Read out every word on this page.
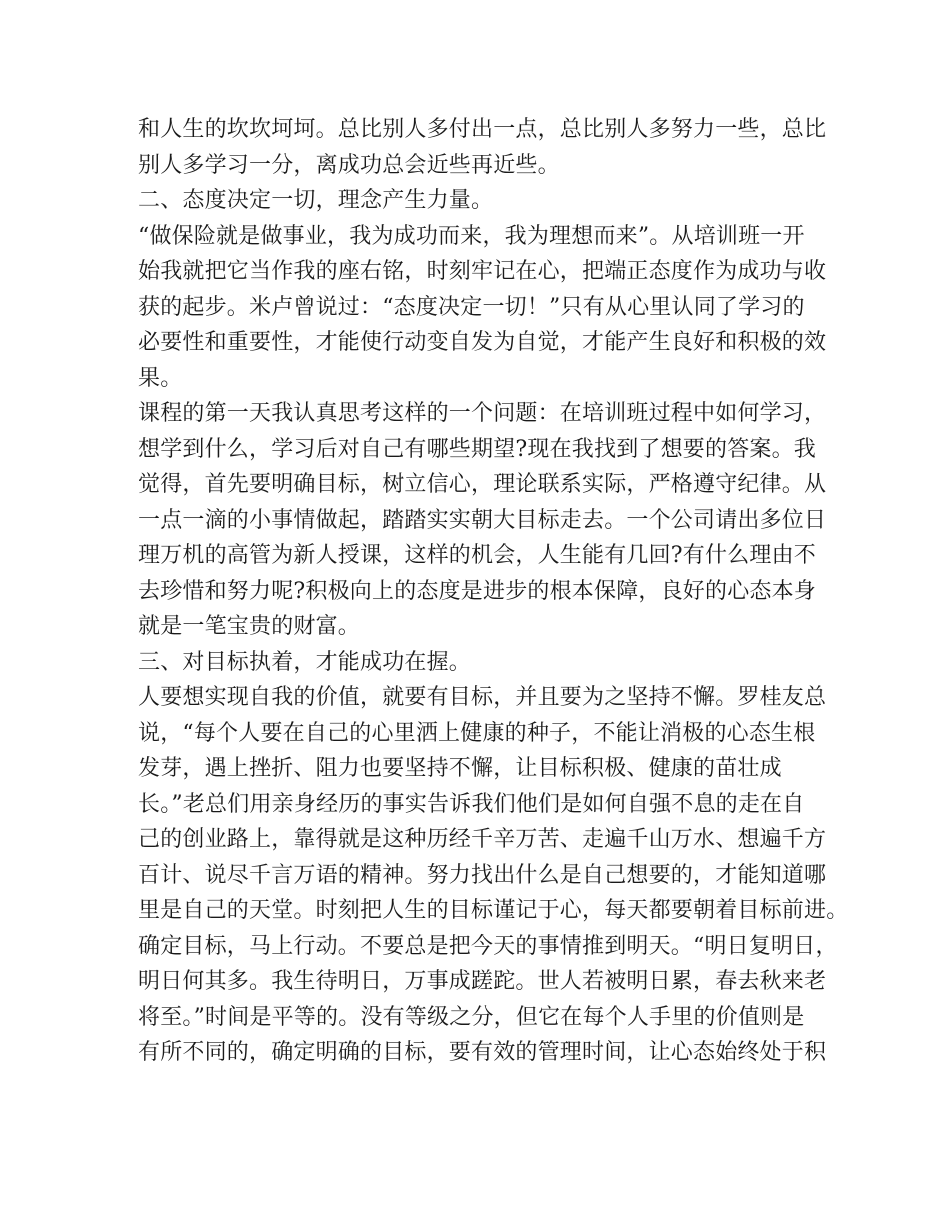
和人生的坎坎坷坷。总比别人多付出一点，总比别人多努力一些，总比
别人多学习一分，离成功总会近些再近些。
二、态度决定一切，理念产生力量。
“做保险就是做事业，我为成功而来，我为理想而来”。从培训班一开
始我就把它当作我的座右铭，时刻牢记在心，把端正态度作为成功与收
获的起步。米卢曾说过：“态度决定一切！”只有从心里认同了学习的
必要性和重要性，才能使行动变自发为自觉，才能产生良好和积极的效
果。
课程的第一天我认真思考这样的一个问题：在培训班过程中如何学习，
想学到什么，学习后对自己有哪些期望?现在我找到了想要的答案。我
觉得，首先要明确目标，树立信心，理论联系实际，严格遵守纪律。从
一点一滴的小事情做起，踏踏实实朝大目标走去。一个公司请出多位日
理万机的高管为新人授课，这样的机会，人生能有几回?有什么理由不
去珍惜和努力呢?积极向上的态度是进步的根本保障，良好的心态本身
就是一笔宝贵的财富。
三、对目标执着，才能成功在握。
人要想实现自我的价值，就要有目标，并且要为之坚持不懈。罗桂友总
说，“每个人要在自己的心里洒上健康的种子，不能让消极的心态生根
发芽，遇上挫折、阻力也要坚持不懈，让目标积极、健康的苗壮成
长。”老总们用亲身经历的事实告诉我们他们是如何自强不息的走在自
己的创业路上，靠得就是这种历经千辛万苦、走遍千山万水、想遍千方
百计、说尽千言万语的精神。努力找出什么是自己想要的，才能知道哪
里是自己的天堂。时刻把人生的目标谨记于心，每天都要朝着目标前进。
确定目标，马上行动。不要总是把今天的事情推到明天。“明日复明日，
明日何其多。我生待明日，万事成蹉跎。世人若被明日累，春去秋来老
将至。”时间是平等的。没有等级之分，但它在每个人手里的价值则是
有所不同的，确定明确的目标，要有效的管理时间，让心态始终处于积
